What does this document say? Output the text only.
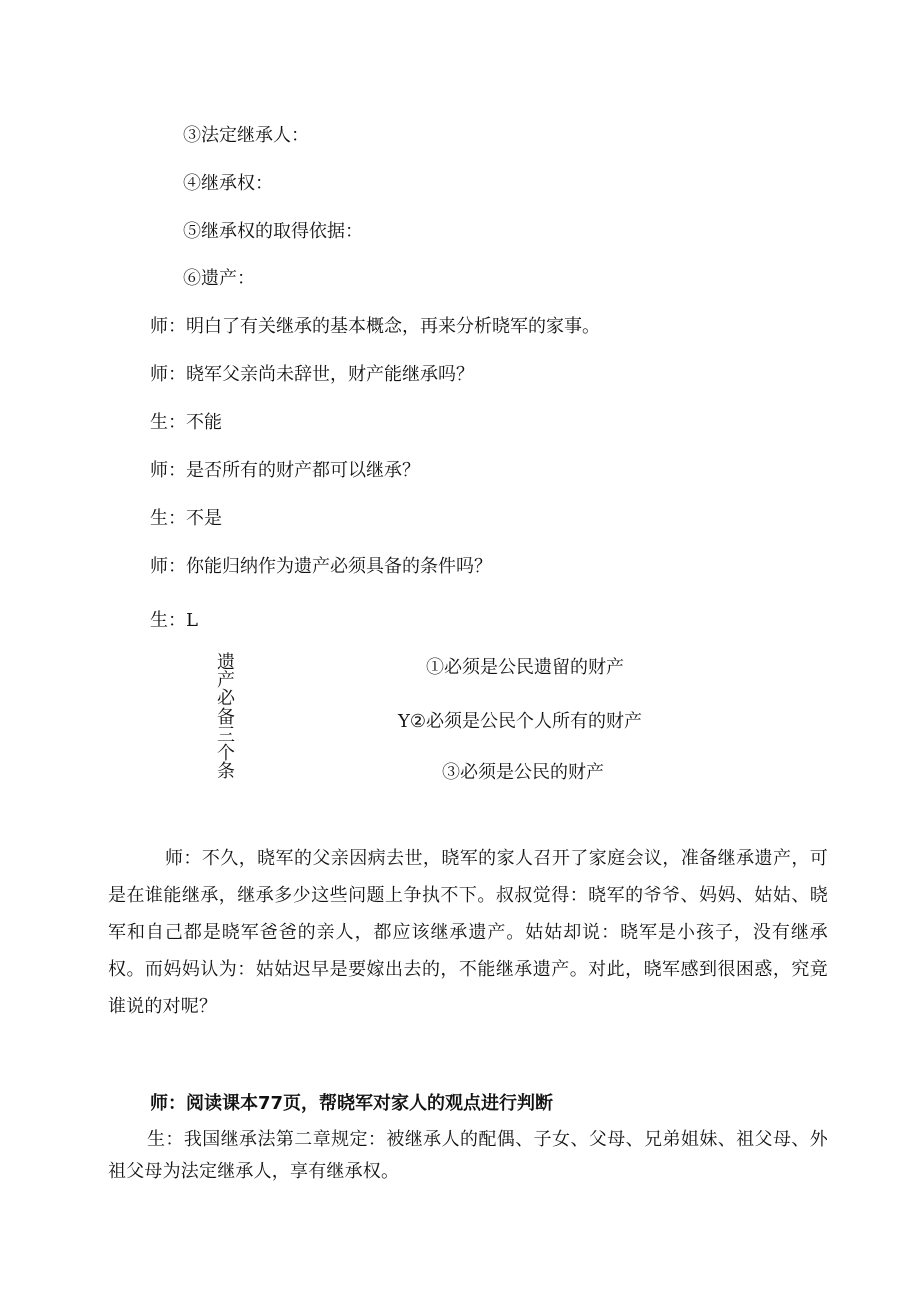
③法定继承人：
④继承权：
⑤继承权的取得依据：
⑥遗产：
师：明白了有关继承的基本概念，再来分析晓军的家事。
师：晓军父亲尚未辞世，财产能继承吗？
生：不能
师：是否所有的财产都可以继承？
生：不是
师：你能归纳作为遗产必须具备的条件吗？
生：L
遗
产
必
备
三
个
条
①必须是公民遗留的财产
Y②必须是公民个人所有的财产
③必须是公民的财产
师：不久，晓军的父亲因病去世，晓军的家人召开了家庭会议，准备继承遗产，可是在谁能继承，继承多少这些问题上争执不下。叔叔觉得：晓军的爷爷、妈妈、姑姑、晓军和自己都是晓军爸爸的亲人，都应该继承遗产。姑姑却说：晓军是小孩子，没有继承权。而妈妈认为：姑姑迟早是要嫁出去的，不能继承遗产。对此，晓军感到很困惑，究竟谁说的对呢？
师：阅读课本77页，帮晓军对家人的观点进行判断
生：我国继承法第二章规定：被继承人的配偶、子女、父母、兄弟姐妹、祖父母、外祖父母为法定继承人，享有继承权。
